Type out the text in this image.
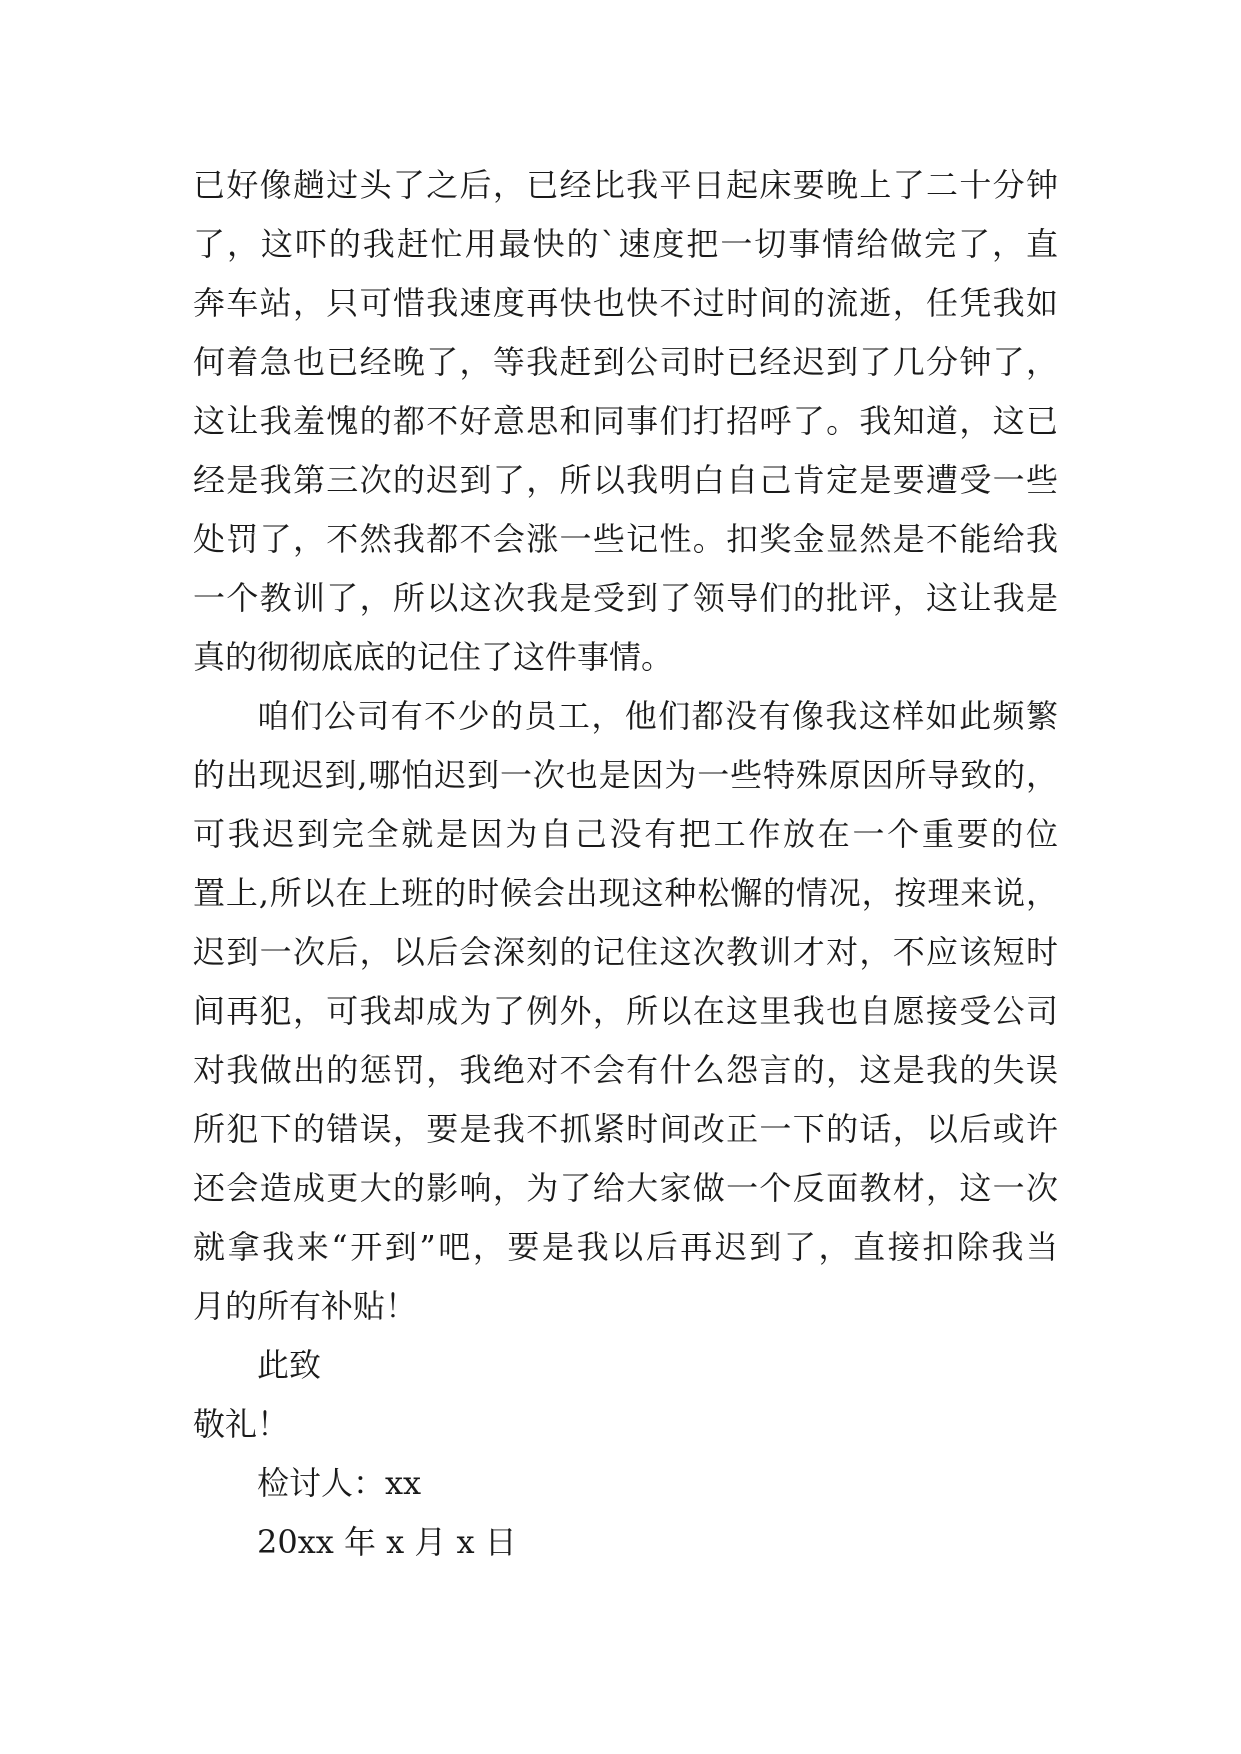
已好像趟过头了之后，已经比我平日起床要晚上了二十分钟
了，这吓的我赶忙用最快的`速度把一切事情给做完了，直
奔车站，只可惜我速度再快也快不过时间的流逝，任凭我如
何着急也已经晚了，等我赶到公司时已经迟到了几分钟了，
这让我羞愧的都不好意思和同事们打招呼了。我知道，这已
经是我第三次的迟到了，所以我明白自己肯定是要遭受一些
处罚了，不然我都不会涨一些记性。扣奖金显然是不能给我
一个教训了，所以这次我是受到了领导们的批评，这让我是
真的彻彻底底的记住了这件事情。
咱们公司有不少的员工，他们都没有像我这样如此频繁
的出现迟到,哪怕迟到一次也是因为一些特殊原因所导致的，
可我迟到完全就是因为自己没有把工作放在一个重要的位
置上,所以在上班的时候会出现这种松懈的情况，按理来说，
迟到一次后，以后会深刻的记住这次教训才对，不应该短时
间再犯，可我却成为了例外，所以在这里我也自愿接受公司
对我做出的惩罚，我绝对不会有什么怨言的，这是我的失误
所犯下的错误，要是我不抓紧时间改正一下的话，以后或许
还会造成更大的影响，为了给大家做一个反面教材，这一次
就拿我来“开到”吧，要是我以后再迟到了，直接扣除我当
月的所有补贴！
此致
敬礼！
检讨人：xx
20xx 年 x 月 x 日
